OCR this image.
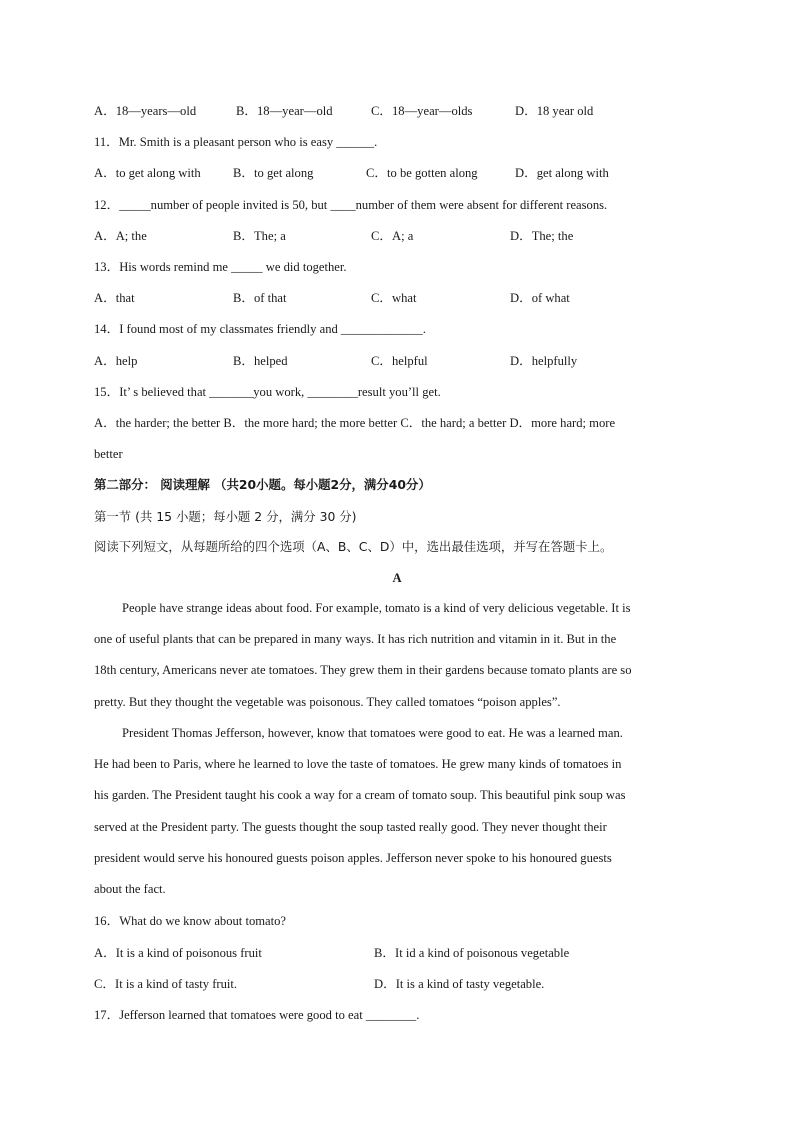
A．18—years—old	B．18—year—old	C．18—year—olds	D．18 year old
11．Mr. Smith is a pleasant person who is easy ______.
A．to get along with	B．to get along	C．to be gotten along	D．get along with
12．_____number of people invited is 50, but ____number of them were absent for different reasons.
A．A; the	B．The; a	C．A; a	D．The; the
13．His words remind me _____ we did together.
A．that	B．of that	C．what	D．of what
14．I found most of my classmates friendly and _____________.
A．help	B．helped	C．helpful	D．helpfully
15．It’ s believed that _______you work, ________result you’ll get.
A．the harder; the better B．the more hard; the more better C．the hard; a better D．more hard; more
better
第二部分： 阅读理解 （共20小题。每小题2分，满分40分）
第一节 (共 15 小题；每小题 2 分，满分 30 分)
阅读下列短文，从每题所给的四个选项（A、B、C、D）中，选出最佳选项，并写在答题卡上。
A
People have strange ideas about food. For example, tomato is a kind of very delicious vegetable. It is
one of useful plants that can be prepared in many ways. It has rich nutrition and vitamin in it. But in the
18th century, Americans never ate tomatoes. They grew them in their gardens because tomato plants are so
pretty. But they thought the vegetable was poisonous. They called tomatoes “poison apples”.
President Thomas Jefferson, however, know that tomatoes were good to eat. He was a learned man.
He had been to Paris, where he learned to love the taste of tomatoes. He grew many kinds of tomatoes in
his garden. The President taught his cook a way for a cream of tomato soup. This beautiful pink soup was
served at the President party. The guests thought the soup tasted really good. They never thought their
president would serve his honoured guests poison apples. Jefferson never spoke to his honoured guests
about the fact.
16．What do we know about tomato?
A．It is a kind of poisonous fruit	B．It id a kind of poisonous vegetable
C．It is a kind of tasty fruit.	D．It is a kind of tasty vegetable.
17．Jefferson learned that tomatoes were good to eat ________.
